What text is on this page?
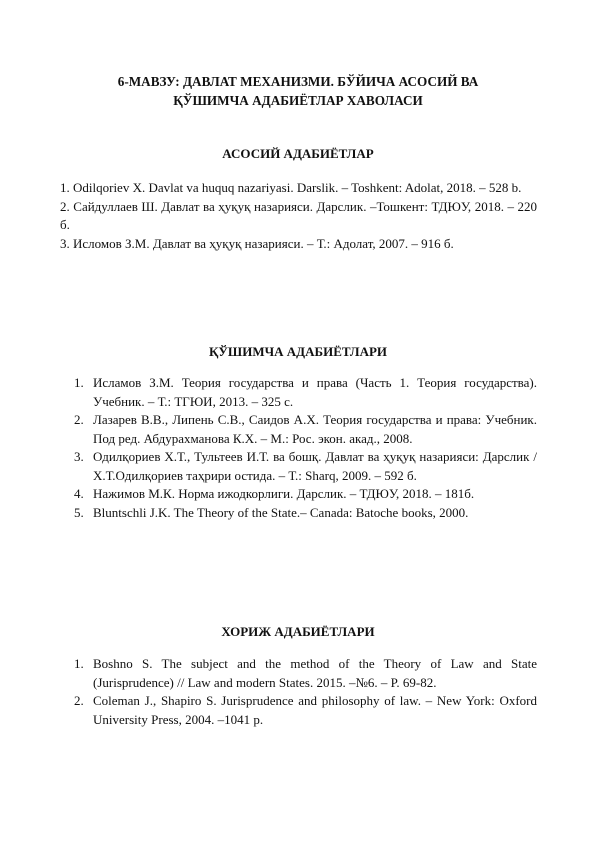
6-МАВЗУ: ДАВЛАТ МЕХАНИЗМИ. БЎЙИЧА АСОСИЙ ВА
ҚЎШИМЧА АДАБИЁТЛАР ХАВОЛАСИ
АСОСИЙ АДАБИЁТЛАР
1. Odilqoriev X. Davlat va huquq nazariyasi. Darslik. – Toshkent: Adolat, 2018. – 528 b.
2. Сайдуллаев Ш. Давлат ва ҳуқуқ назарияси. Дарслик. –Тошкент: ТДЮУ, 2018. – 220 б.
3. Исломов З.М. Давлат ва ҳуқуқ назарияси. – Т.: Адолат, 2007. – 916 б.
ҚЎШИМЧА АДАБИЁТЛАРИ
1. Исламов З.М. Теория государства и права (Часть 1. Теория государства). Учебник. – Т.: ТГЮИ, 2013. – 325 с.
2. Лазарев В.В., Липень С.В., Саидов А.Х. Теория государства и права: Учебник. Под ред. Абдурахманова К.Х. – М.: Рос. экон. акад., 2008.
3. Одилқориев Х.Т., Тультеев И.Т. ва бошқ. Давлат ва ҳуқуқ назарияси: Дарслик / Х.Т.Одилқориев таҳрири остида. – Т.: Sharq, 2009. – 592 б.
4. Нажимов М.К. Норма ижодкорлиги. Дарслик. – ТДЮУ, 2018. – 181б.
5. Bluntschli J.K. The Theory of the State.– Canada: Batoche books, 2000.
ХОРИЖ АДАБИЁТЛАРИ
1. Boshno S. The subject and the method of the Theory of Law and State (Jurisprudence) // Law and modern States. 2015. –№6. – P. 69-82.
2. Coleman J., Shapiro S. Jurisprudence and philosophy of law. – New York: Oxford University Press, 2004. –1041 p.
